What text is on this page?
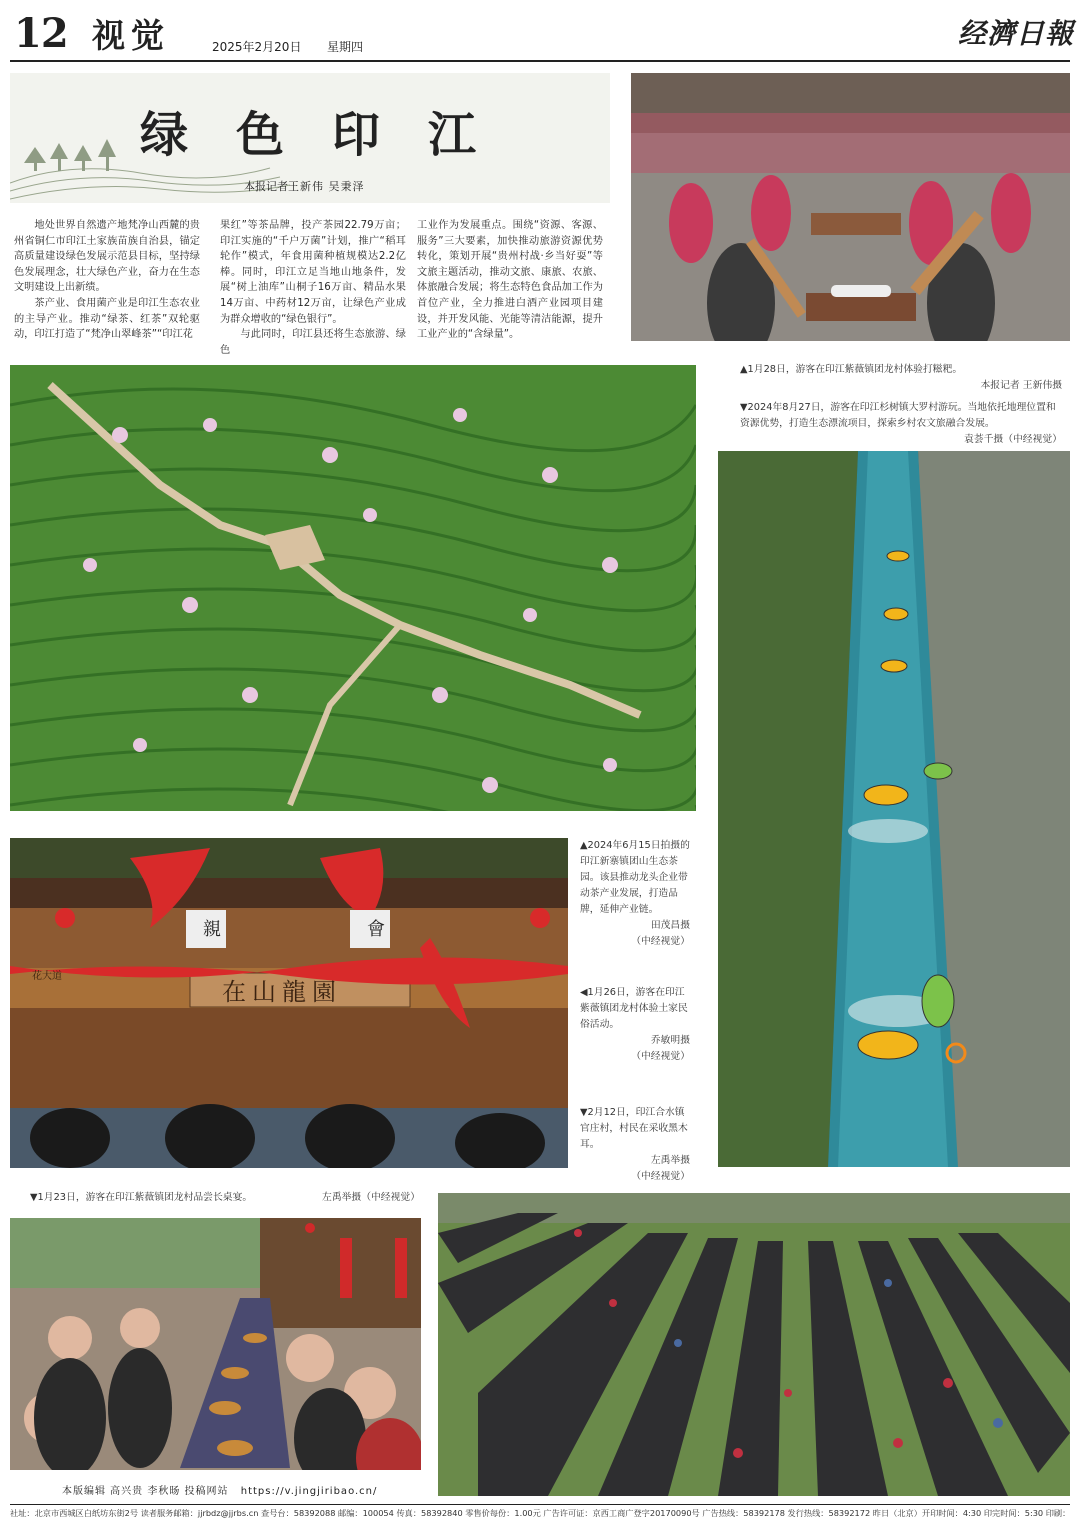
12 视觉	2025年2月20日 星期四	经濟日報
绿色印江
本报记者 王新伟 吴秉泽

地处世界自然遗产地梵净山西麓的贵州省铜仁市印江土家族苗族自治县，锚定高质量建设绿色发展示范县目标，坚持绿色发展理念，壮大绿色产业，奋力在生态文明建设上出新绩。

茶产业、食用菌产业是印江生态农业的主导产业。推动“绿茶、红茶”双轮驱动，印江打造了“梵净山翠峰茶”“印江花

果红”等茶品牌，投产茶园22.79万亩；印江实施的“千户万菌”计划，推广“稻耳轮作”模式，年食用菌种植规模达2.2亿棒。同时，印江立足当地山地条件，发展“树上油库”山桐子16万亩、精品水果14万亩、中药材12万亩，让绿色产业成为群众增收的“绿色银行”。

与此同时，印江县还将生态旅游、绿色

工业作为发展重点。围绕“资源、客源、服务”三大要素，加快推动旅游资源优势转化，策划开展“贵州村战·乡当好耍”等文旅主题活动，推动文旅、康旅、农旅、体旅融合发展；将生态特色食品加工作为首位产业，全力推进白酒产业园项目建设，并开发风能、光能等清洁能源，提升工业产业的“含绿量”。

▲1月28日，游客在印江紫薇镇团龙村体验打糍粑。

本报记者 王新伟摄

▼2024年8月27日，游客在印江杉树镇大罗村游玩。当地依托地理位置和资源优势，打造生态漂流项目，探索乡村农文旅融合发展。

袁荟千摄（中经视觉）

親	會
在山龍園
花大道

▲2024年6月15日拍摄的印江新寨镇团山生态茶园。该县推动龙头企业带动茶产业发展，打造品牌，延伸产业链。

田茂昌摄

（中经视觉）

◀1月26日，游客在印江紫薇镇团龙村体验土家民俗活动。

乔敏明摄

（中经视觉）

▼2月12日，印江合水镇官庄村，村民在采收黑木耳。

左禹举摄

（中经视觉）

▼1月23日，游客在印江紫薇镇团龙村品尝长桌宴。	左禹举摄（中经视觉）
本版编辑 高兴贵 李秋旸 投稿网站 https://v.jingjiribao.cn/
社址：北京市西城区白纸坊东街2号 读者服务邮箱：jjrbdz@jjrbs.cn 查号台：58392088 邮编：100054 传真：58392840 零售价每份：1.00元 广告许可证：京西工商广登字20170090号 广告热线：58392178 发行热线：58392172 昨日（北京）开印时间：4:30 印完时间：5:30 印刷：
